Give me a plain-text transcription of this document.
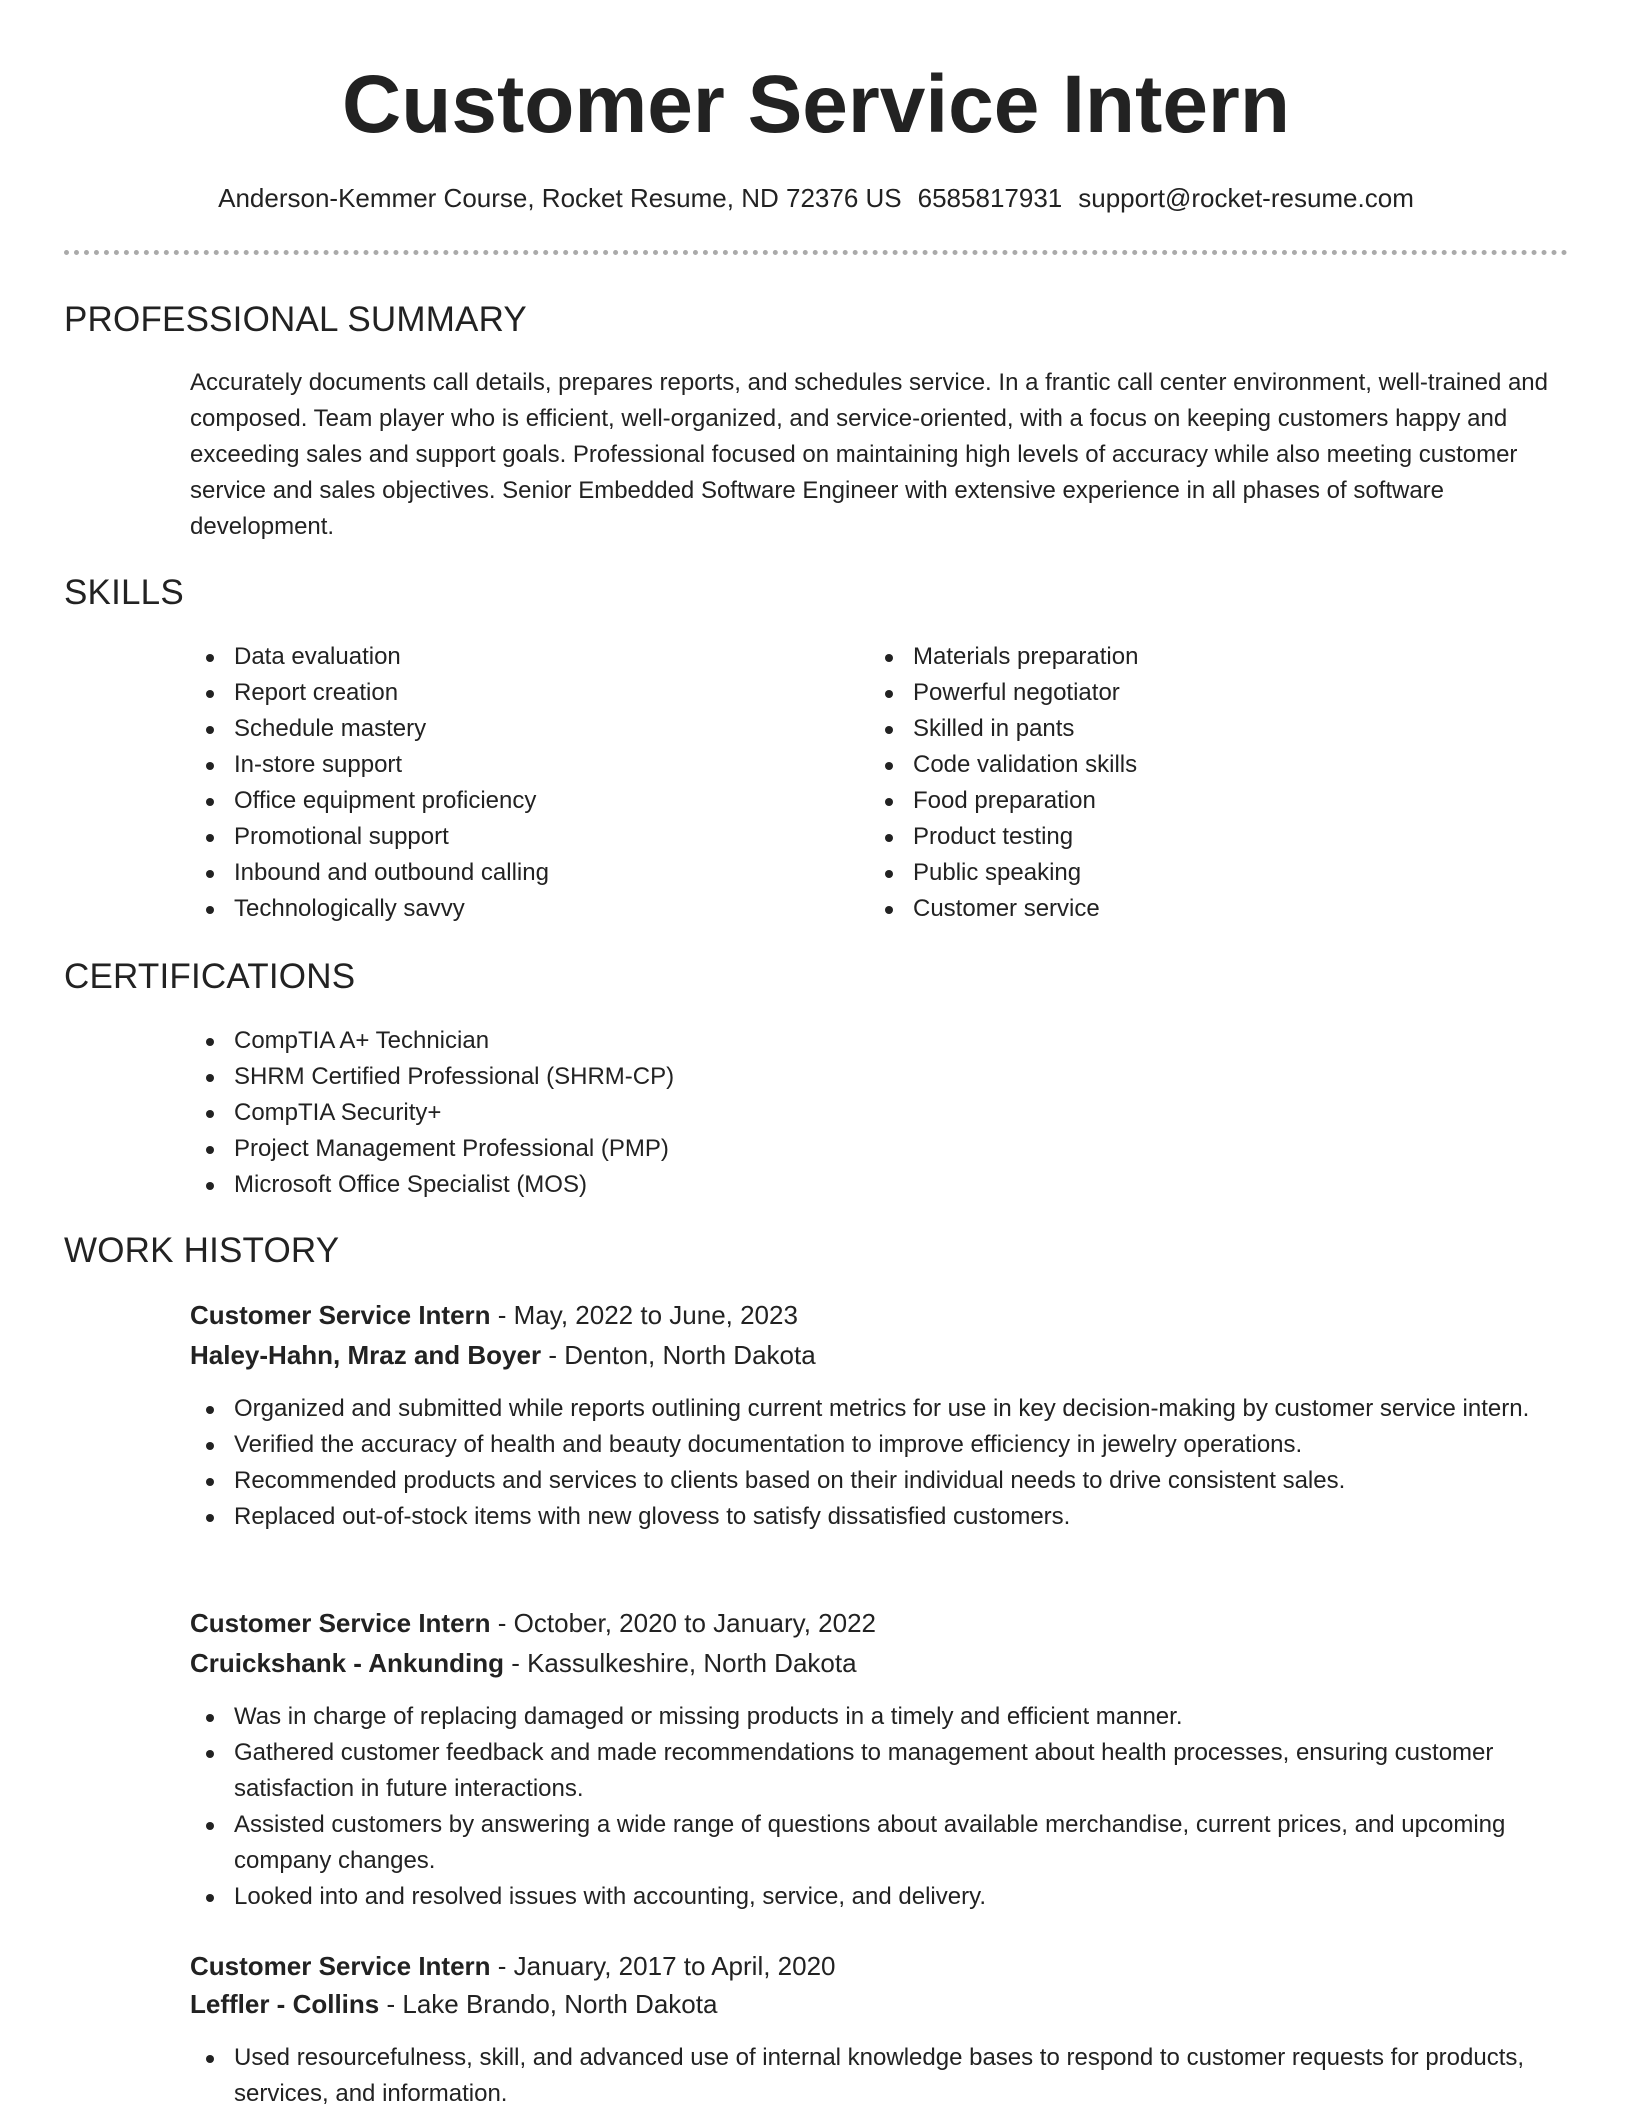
Customer Service Intern
Anderson-Kemmer Course, Rocket Resume, ND 72376 US 6585817931 support@rocket-resume.com
PROFESSIONAL SUMMARY

Accurately documents call details, prepares reports, and schedules service. In a frantic call center environment, well-trained and composed. Team player who is efficient, well-organized, and service-oriented, with a focus on keeping customers happy and exceeding sales and support goals. Professional focused on maintaining high levels of accuracy while also meeting customer service and sales objectives. Senior Embedded Software Engineer with extensive experience in all phases of software development.

SKILLS
Data evaluation
Report creation
Schedule mastery
In-store support
Office equipment proficiency
Promotional support
Inbound and outbound calling
Technologically savvy
Materials preparation
Powerful negotiator
Skilled in pants
Code validation skills
Food preparation
Product testing
Public speaking
Customer service
CERTIFICATIONS
CompTIA A+ Technician
SHRM Certified Professional (SHRM-CP)
CompTIA Security+
Project Management Professional (PMP)
Microsoft Office Specialist (MOS)
WORK HISTORY
Customer Service Intern - May, 2022 to June, 2023
Haley-Hahn, Mraz and Boyer - Denton, North Dakota
Organized and submitted while reports outlining current metrics for use in key decision-making by customer service intern.
Verified the accuracy of health and beauty documentation to improve efficiency in jewelry operations.
Recommended products and services to clients based on their individual needs to drive consistent sales.
Replaced out-of-stock items with new glovess to satisfy dissatisfied customers.
Customer Service Intern - October, 2020 to January, 2022
Cruickshank - Ankunding - Kassulkeshire, North Dakota
Was in charge of replacing damaged or missing products in a timely and efficient manner.
Gathered customer feedback and made recommendations to management about health processes, ensuring customer satisfaction in future interactions.
Assisted customers by answering a wide range of questions about available merchandise, current prices, and upcoming company changes.
Looked into and resolved issues with accounting, service, and delivery.
Customer Service Intern - January, 2017 to April, 2020
Leffler - Collins - Lake Brando, North Dakota
Used resourcefulness, skill, and advanced use of internal knowledge bases to respond to customer requests for products, services, and information.
